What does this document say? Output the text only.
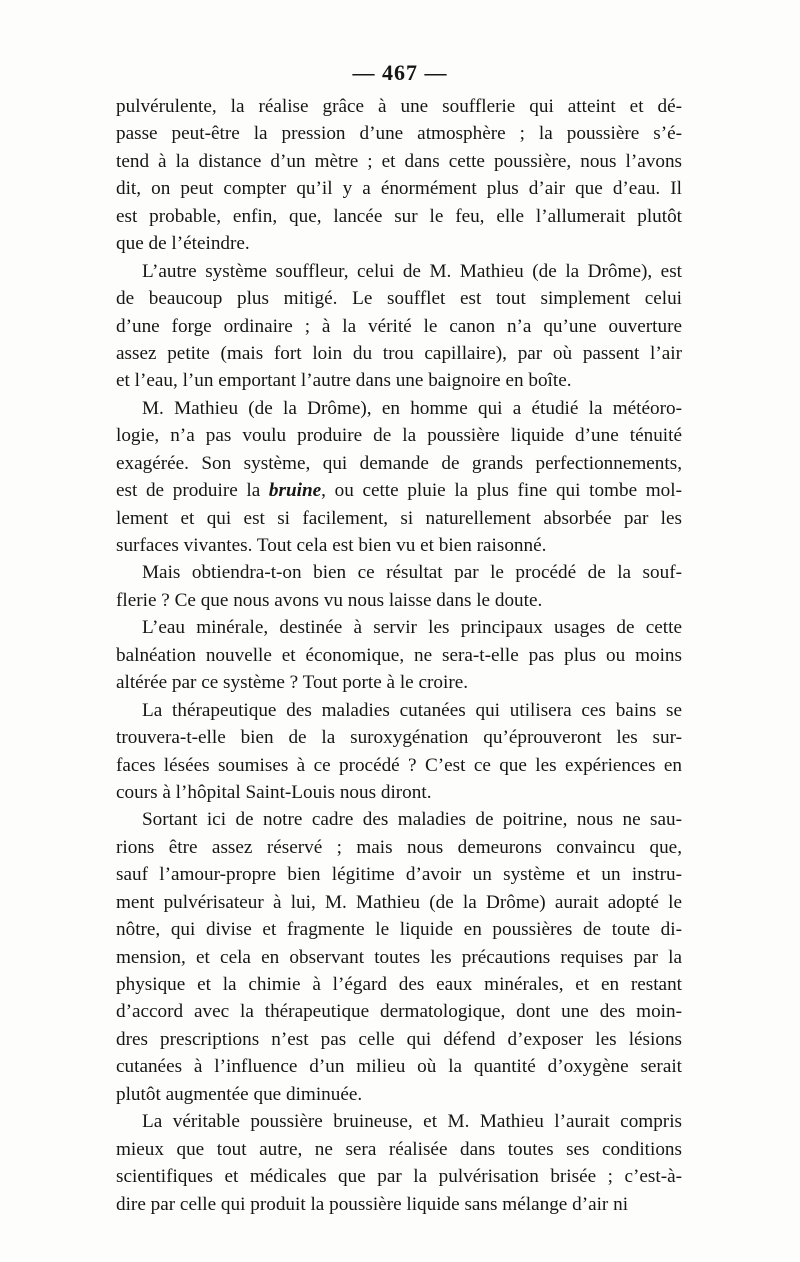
— 467 —
pulvérulente, la réalise grâce à une soufflerie qui atteint et dé-
passe peut-être la pression d’une atmosphère ; la poussière s’é-
tend à la distance d’un mètre ; et dans cette poussière, nous l’avons
dit, on peut compter qu’il y a énormément plus d’air que d’eau. Il
est probable, enfin, que, lancée sur le feu, elle l’allumerait plutôt
que de l’éteindre.
L’autre système souffleur, celui de M. Mathieu (de la Drôme), est
de beaucoup plus mitigé. Le soufflet est tout simplement celui
d’une forge ordinaire ; à la vérité le canon n’a qu’une ouverture
assez petite (mais fort loin du trou capillaire), par où passent l’air
et l’eau, l’un emportant l’autre dans une baignoire en boîte.
M. Mathieu (de la Drôme), en homme qui a étudié la météoro-
logie, n’a pas voulu produire de la poussière liquide d’une ténuité
exagérée. Son système, qui demande de grands perfectionnements,
est de produire la bruine, ou cette pluie la plus fine qui tombe mol-
lement et qui est si facilement, si naturellement absorbée par les
surfaces vivantes. Tout cela est bien vu et bien raisonné.
Mais obtiendra-t-on bien ce résultat par le procédé de la souf-
flerie ? Ce que nous avons vu nous laisse dans le doute.
L’eau minérale, destinée à servir les principaux usages de cette
balnéation nouvelle et économique, ne sera-t-elle pas plus ou moins
altérée par ce système ? Tout porte à le croire.
La thérapeutique des maladies cutanées qui utilisera ces bains se
trouvera-t-elle bien de la suroxygénation qu’éprouveront les sur-
faces lésées soumises à ce procédé ? C’est ce que les expériences en
cours à l’hôpital Saint-Louis nous diront.
Sortant ici de notre cadre des maladies de poitrine, nous ne sau-
rions être assez réservé ; mais nous demeurons convaincu que,
sauf l’amour-propre bien légitime d’avoir un système et un instru-
ment pulvérisateur à lui, M. Mathieu (de la Drôme) aurait adopté le
nôtre, qui divise et fragmente le liquide en poussières de toute di-
mension, et cela en observant toutes les précautions requises par la
physique et la chimie à l’égard des eaux minérales, et en restant
d’accord avec la thérapeutique dermatologique, dont une des moin-
dres prescriptions n’est pas celle qui défend d’exposer les lésions
cutanées à l’influence d’un milieu où la quantité d’oxygène serait
plutôt augmentée que diminuée.
La véritable poussière bruineuse, et M. Mathieu l’aurait compris
mieux que tout autre, ne sera réalisée dans toutes ses conditions
scientifiques et médicales que par la pulvérisation brisée ; c’est-à-
dire par celle qui produit la poussière liquide sans mélange d’air ni
